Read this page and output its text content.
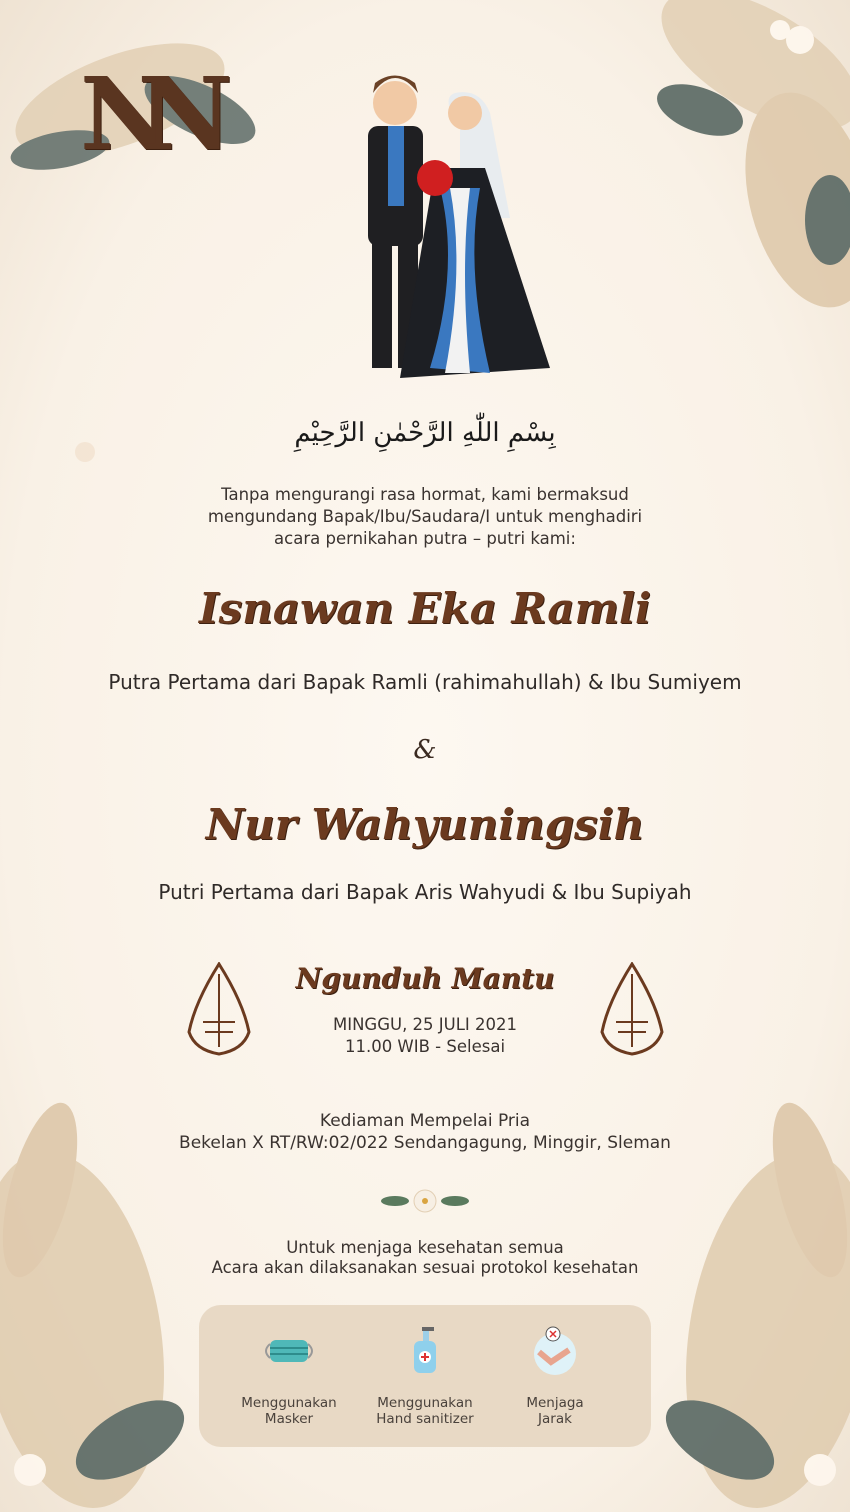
NN
بِسْمِ اللّٰهِ الرَّحْمٰنِ الرَّحِيْمِ
Tanpa mengurangi rasa hormat, kami bermaksud
mengundang Bapak/Ibu/Saudara/I untuk menghadiri
acara pernikahan putra – putri kami:
Isnawan Eka Ramli
Putra Pertama dari Bapak Ramli (rahimahullah) & Ibu Sumiyem
&
Nur Wahyuningsih
Putri Pertama dari Bapak Aris Wahyudi & Ibu Supiyah
Ngunduh Mantu
MINGGU, 25 JULI 2021
11.00 WIB - Selesai
Kediaman Mempelai Pria
Bekelan X RT/RW:02/022 Sendangagung, Minggir, Sleman
Untuk menjaga kesehatan semua
Acara akan dilaksanakan sesuai protokol kesehatan
Menggunakan
Masker
Menggunakan
Hand sanitizer
Menjaga
Jarak
